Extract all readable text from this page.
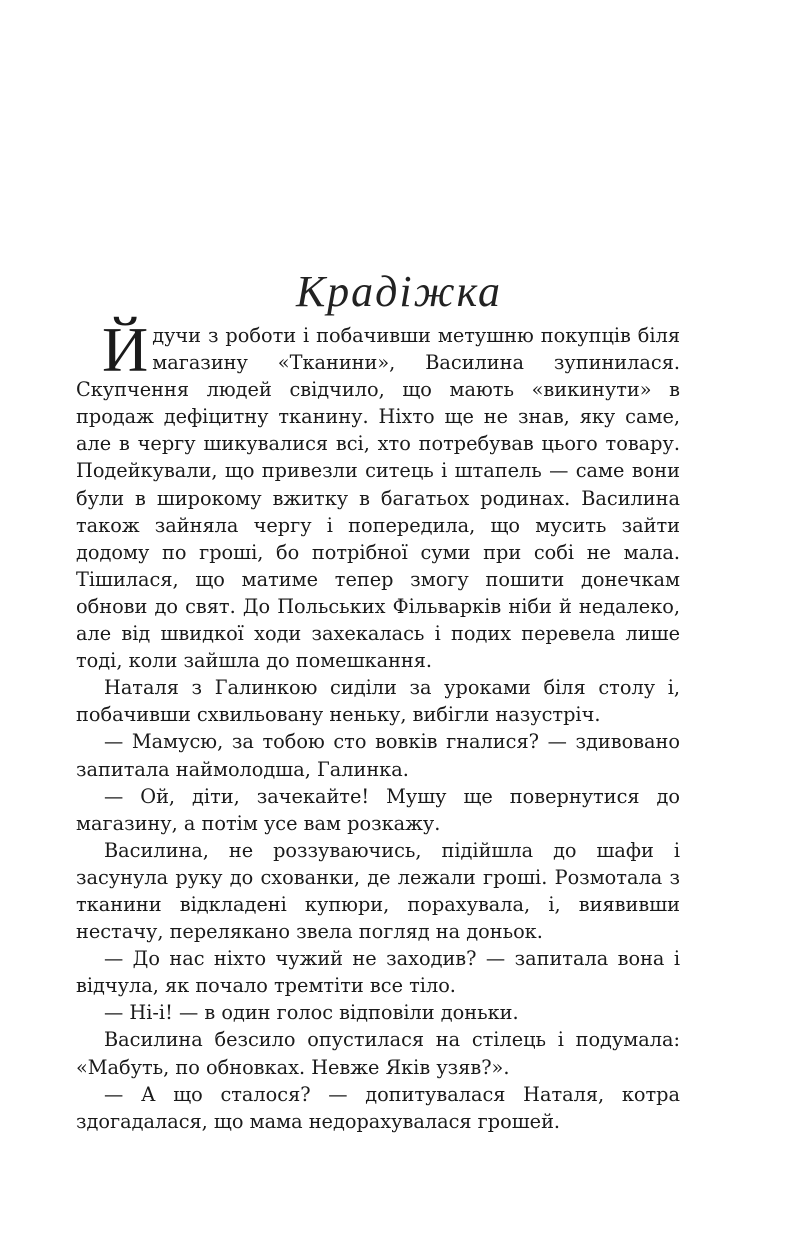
Крадіжка

Йдучи з роботи і побачивши метушню покупців біля магазину «Тканини», Василина зупинилася. Скупчення людей свідчило, що мають «викинути» в продаж дефіцитну тканину. Ніхто ще не знав, яку саме, але в чергу шикувалися всі, хто потребував цього товару. Подейкували, що привезли ситець і штапель — саме вони були в широкому вжитку в багатьох родинах. Василина також зайняла чергу і попередила, що мусить зайти додому по гроші, бо потрібної суми при собі не мала. Тішилася, що матиме тепер змогу пошити донечкам обнови до свят. До Польських Фільварків ніби й недалеко, але від швидкої ходи захекалась і подих перевела лише тоді, коли зайшла до помешкання.

Наталя з Галинкою сиділи за уроками біля столу і, побачивши схвильовану неньку, вибігли назустріч.

— Мамусю, за тобою сто вовків гналися? — здивовано запитала наймолодша, Галинка.

— Ой, діти, зачекайте! Мушу ще повернутися до магазину, а потім усе вам розкажу.

Василина, не роззуваючись, підійшла до шафи і засунула руку до схованки, де лежали гроші. Розмотала з тканини відкладені купюри, порахувала, і, виявивши нестачу, перелякано звела погляд на доньок.

— До нас ніхто чужий не заходив? — запитала вона і відчула, як почало тремтіти все тіло.

— Ні-і! — в один голос відповіли доньки.

Василина безсило опустилася на стілець і подумала: «Мабуть, по обновках. Невже Яків узяв?».

— А що сталося? — допитувалася Наталя, котра здогадалася, що мама недорахувалася грошей.
